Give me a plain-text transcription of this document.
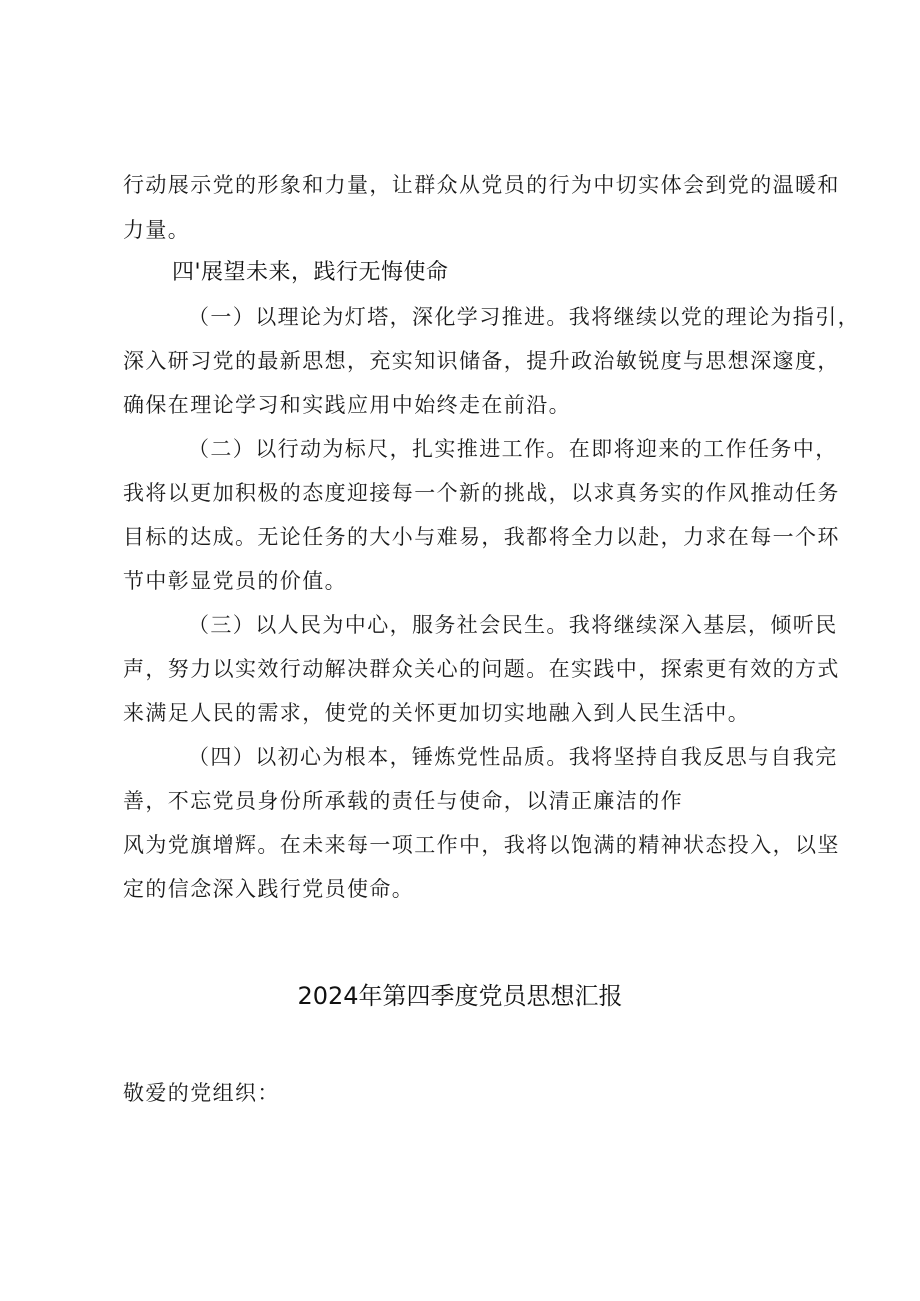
行动展示党的形象和力量，让群众从党员的行为中切实体会到党的温暖和
力量。
四'展望未来，践行无悔使命
（一）以理论为灯塔，深化学习推进。我将继续以党的理论为指引，
深入研习党的最新思想，充实知识储备，提升政治敏锐度与思想深邃度，
确保在理论学习和实践应用中始终走在前沿。
（二）以行动为标尺，扎实推进工作。在即将迎来的工作任务中，
我将以更加积极的态度迎接每一个新的挑战，以求真务实的作风推动任务
目标的达成。无论任务的大小与难易，我都将全力以赴，力求在每一个环
节中彰显党员的价值。
（三）以人民为中心，服务社会民生。我将继续深入基层，倾听民
声，努力以实效行动解决群众关心的问题。在实践中，探索更有效的方式
来满足人民的需求，使党的关怀更加切实地融入到人民生活中。
（四）以初心为根本，锤炼党性品质。我将坚持自我反思与自我完
善，不忘党员身份所承载的责任与使命，以清正廉洁的作
风为党旗增辉。在未来每一项工作中，我将以饱满的精神状态投入，以坚
定的信念深入践行党员使命。
2024年第四季度党员思想汇报
敬爱的党组织：
